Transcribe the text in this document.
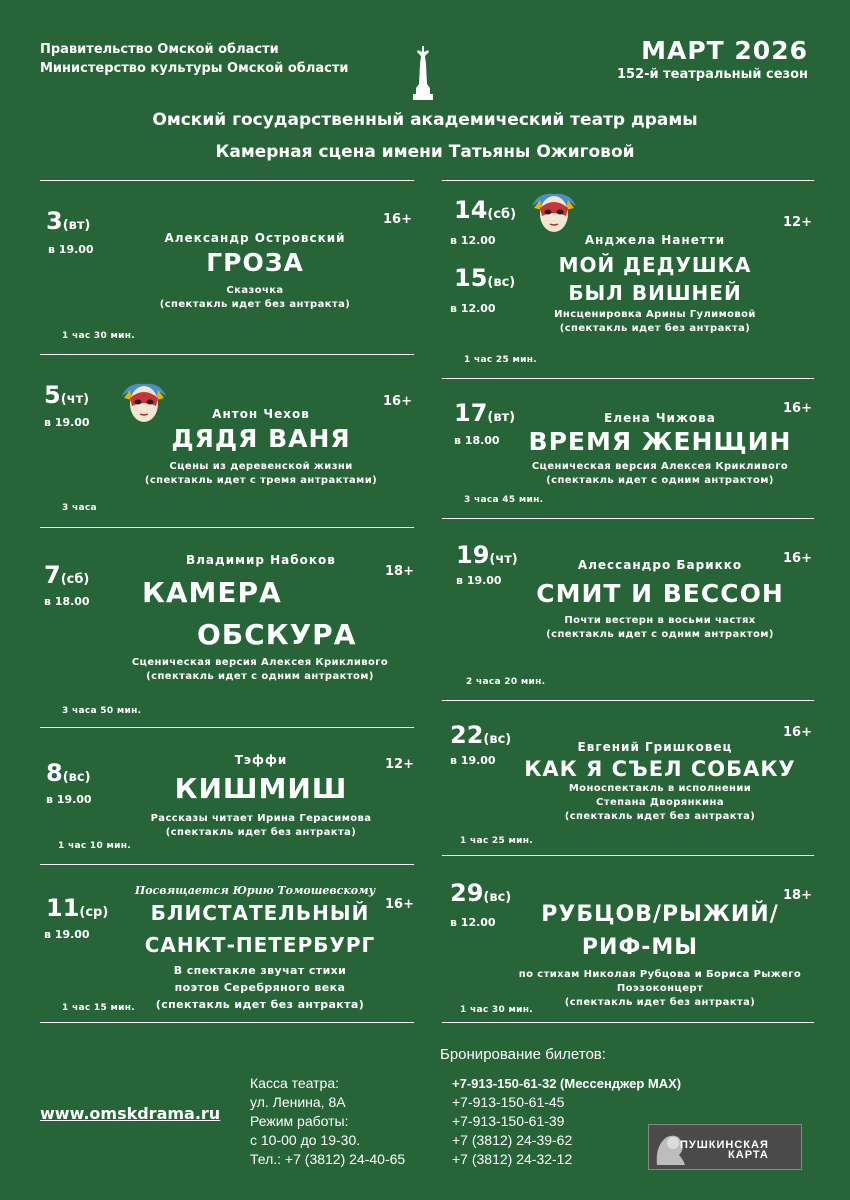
Правительство Омской области
Министерство культуры Омской области
МАРТ 2026
152-й театральный сезон
Омский государственный академический театр драмы
Камерная сцена имени Татьяны Ожиговой
3(вт)
в 19.00
16+
Александр Островский
ГРОЗА
Сказочка
(спектакль идет без антракта)
1 час 30 мин.
5(чт)
в 19.00
16+
Антон Чехов
ДЯДЯ ВАНЯ
Сцены из деревенской жизни
(спектакль идет с тремя антрактами)
3 часа
7(сб)
в 18.00
18+
Владимир Набоков
КАМЕРА
ОБСКУРА
Сценическая версия Алексея Крикливого
(спектакль идет с одним антрактом)
3 часа 50 мин.
8(вс)
в 19.00
12+
Тэффи
КИШМИШ
Рассказы читает Ирина Герасимова
(спектакль идет без антракта)
1 час 10 мин.
11(ср)
в 19.00
16+
Посвящается Юрию Томошевскому
БЛИСТАТЕЛЬНЫЙ
САНКТ-ПЕТЕРБУРГ
В спектакле звучат стихи
поэтов Серебряного века
(спектакль идет без антракта)
1 час 15 мин.
14(сб)
в 12.00
15(вс)
в 12.00
12+
Анджела Нанетти
МОЙ ДЕДУШКА
БЫЛ ВИШНЕЙ
Инсценировка Арины Гулимовой
(спектакль идет без антракта)
1 час 25 мин.
17(вт)
в 18.00
16+
Елена Чижова
ВРЕМЯ ЖЕНЩИН
Сценическая версия Алексея Крикливого
(спектакль идет с одним антрактом)
3 часа 45 мин.
19(чт)
в 19.00
16+
Алессандро Барикко
СМИТ И ВЕССОН
Почти вестерн в восьми частях
(спектакль идет с одним антрактом)
2 часа 20 мин.
22(вс)
в 19.00
16+
Евгений Гришковец
КАК Я СЪЕЛ СОБАКУ
Моноспектакль в исполнении
Степана Дворянкина
(спектакль идет без антракта)
1 час 25 мин.
29(вс)
в 12.00
18+
РУБЦОВ/РЫЖИЙ/
РИФ-МЫ
по стихам Николая Рубцова и Бориса Рыжего
Поэзоконцерт
(спектакль идет без антракта)
1 час 30 мин.
www.omskdrama.ru
Касса театра:
ул. Ленина, 8А
Режим работы:
с 10-00 до 19-30.
Тел.: +7 (3812) 24-40-65
Бронирование билетов:
+7-913-150-61-32 (Мессенджер MAX)
+7-913-150-61-45
+7-913-150-61-39
+7 (3812) 24-39-62
+7 (3812) 24-32-12
ПУШКИНСКАЯ
КАРТА
